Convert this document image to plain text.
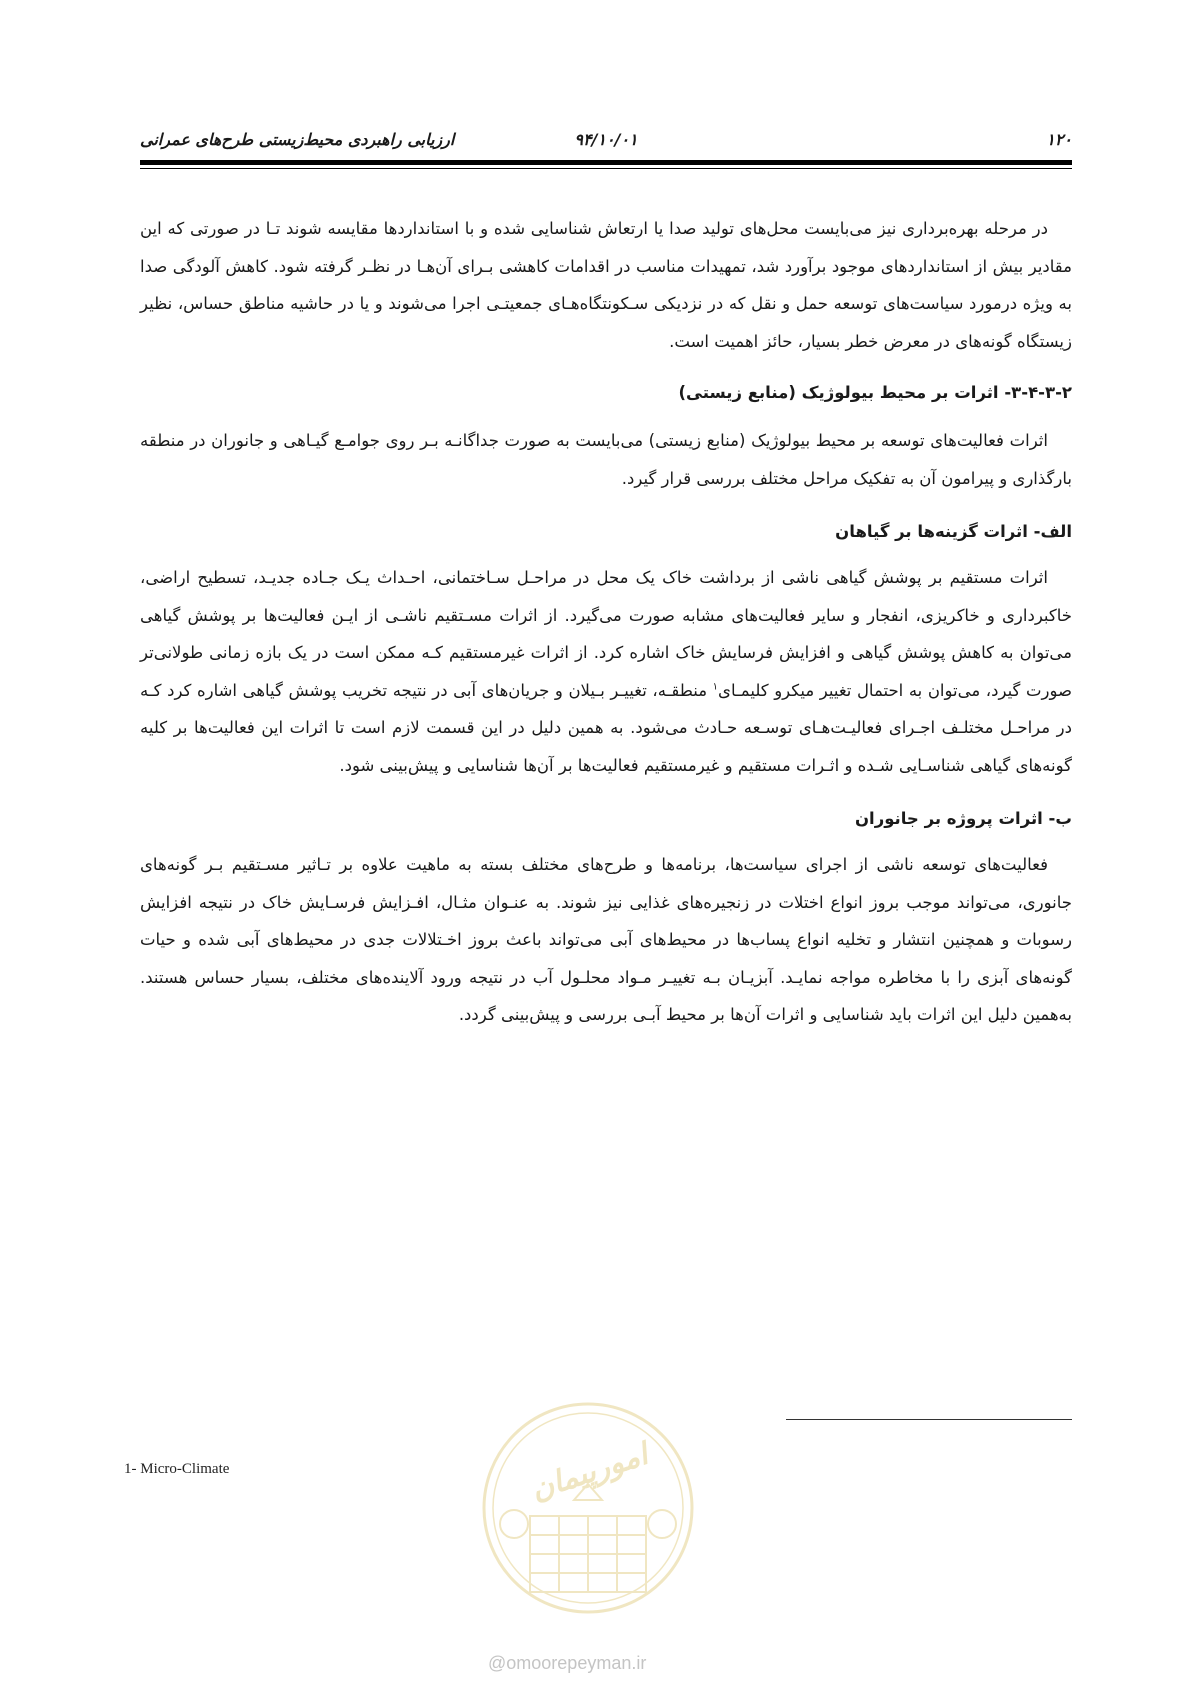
۱۲۰
۹۴/۱۰/۰۱
ارزیابی راهبردی محیط‌زیستی طرح‌های عمرانی

در مرحله بهره‌برداری نیز می‌بایست محل‌های تولید صدا یا ارتعاش شناسایی شده و با استانداردها مقایسه شوند تـا در صورتی که این مقادیر بیش از استانداردهای موجود برآورد شد، تمهیدات مناسب در اقدامات کاهشی بـرای آن‌هـا در نظـر گرفته شود. کاهش آلودگی صدا به ویژه درمورد سیاست‌های توسعه حمل و نقل که در نزدیکی سـکونتگاه‌هـای جمعیتـی اجرا می‌شوند و یا در حاشیه مناطق حساس، نظیر زیستگاه گونه‌های در معرض خطر بسیار، حائز اهمیت است.

۳-۴-۳-۲- اثرات بر محیط بیولوژیک (منابع زیستی)

اثرات فعالیت‌های توسعه بر محیط بیولوژیک (منابع زیستی) می‌بایست به صورت جداگانـه بـر روی جوامـع گیـاهی و جانوران در منطقه بارگذاری و پیرامون آن به تفکیک مراحل مختلف بررسی قرار گیرد.

الف- اثرات گزینه‌ها بر گیاهان

اثرات مستقیم بر پوشش گیاهی ناشی از برداشت خاک یک محل در مراحـل سـاختمانی، احـداث یـک جـاده جدیـد، تسطیح اراضی، خاکبرداری و خاکریزی، انفجار و سایر فعالیت‌های مشابه صورت می‌گیرد. از اثرات مسـتقیم ناشـی از ایـن فعالیت‌ها بر پوشش گیاهی می‌توان به کاهش پوشش گیاهی و افزایش فرسایش خاک اشاره کرد. از اثرات غیرمستقیم کـه ممکن است در یک بازه زمانی طولانی‌تر صورت گیرد، می‌توان به احتمال تغییر میکرو کلیمـای$^۱$ منطقـه، تغییـر بـیلان و جریان‌های آبی در نتیجه تخریب پوشش گیاهی اشاره کرد کـه در مراحـل مختلـف اجـرای فعالیـت‌هـای توسـعه حـادث می‌شود. به همین دلیل در این قسمت لازم است تا اثرات این فعالیت‌ها بر کلیه گونه‌های گیاهی شناسـایی شـده و اثـرات مستقیم و غیرمستقیم فعالیت‌ها بر آن‌ها شناسایی و پیش‌بینی شود.

ب- اثرات پروژه بر جانوران

فعالیت‌های توسعه ناشی از اجرای سیاست‌ها، برنامه‌ها و طرح‌های مختلف بسته به ماهیت علاوه بر تـاثیر مسـتقیم بـر گونه‌های جانوری، می‌تواند موجب بروز انواع اختلات در زنجیره‌های غذایی نیز شوند. به عنـوان مثـال، افـزایش فرسـایش خاک در نتیجه افزایش رسوبات و همچنین انتشار و تخلیه انواع پساب‌ها در محیط‌های آبی می‌تواند باعث بروز اخـتلالات جدی در محیط‌های آبی شده و حیات گونه‌های آبزی را با مخاطره مواجه نمایـد. آبزیـان بـه تغییـر مـواد محلـول آب در نتیجه ورود آلاینده‌های مختلف، بسیار حساس هستند. به‌همین دلیل این اثرات باید شناسایی و اثرات آن‌ها بر محیط آبـی بررسی و پیش‌بینی گردد.

1- Micro-Climate	امورپیمان
@omoorepeyman.ir
